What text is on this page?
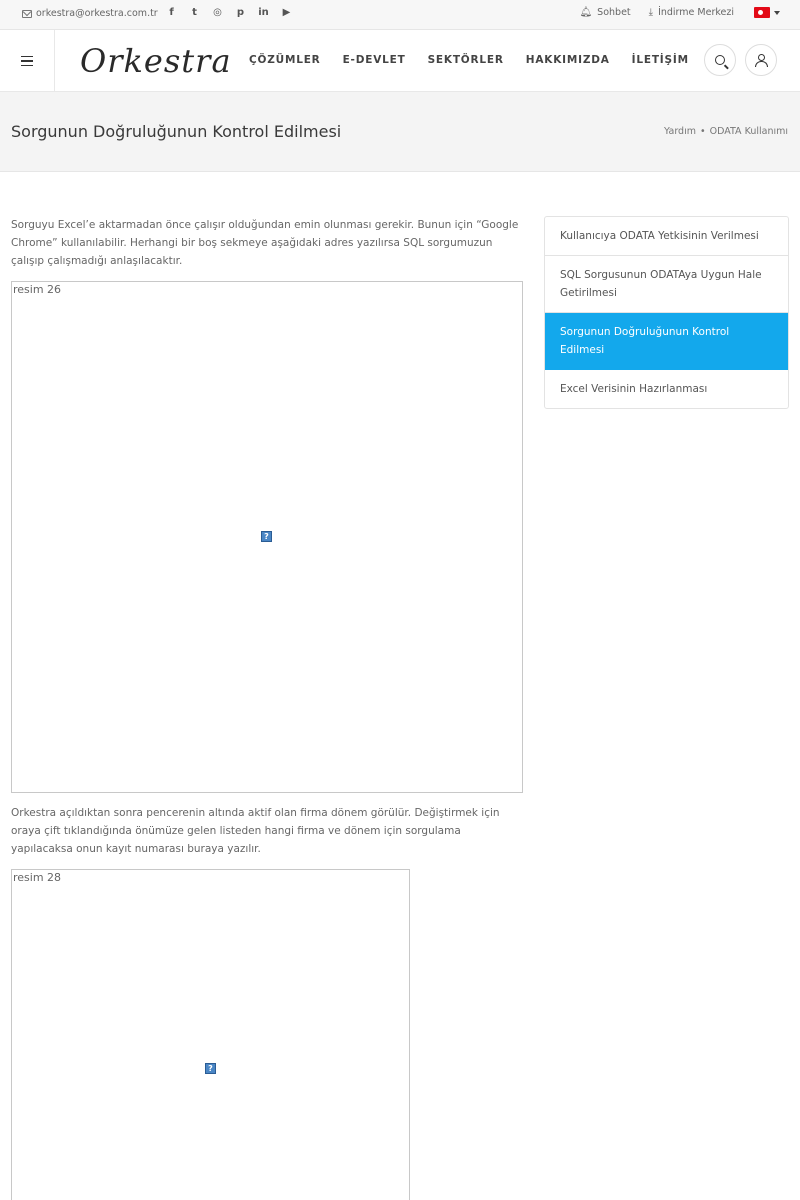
orkestra@orkestra.com.tr	f	t	◎	p	in	▶	🔔︎ Sohbet ⤓ İndirme Merkezi
Orkestra ÇÖZÜMLER E-DEVLET SEKTÖRLER HAKKIMIZDA İLETİŞİM
Sorgunun Doğruluğunun Kontrol Edilmesi	Yardım • ODATA Kullanımı

Sorguyu Excel’e aktarmadan önce çalışır olduğundan emin olunması gerekir. Bunun için “Google Chrome” kullanılabilir. Herhangi bir boş sekmeye aşağıdaki adres yazılırsa SQL sorgumuzun çalışıp çalışmadığı anlaşılacaktır.

resim 26
?

Orkestra açıldıktan sonra pencerenin altında aktif olan firma dönem görülür. Değiştirmek için oraya çift tıklandığında önümüze gelen listeden hangi firma ve dönem için sorgulama yapılacaksa onun kayıt numarası buraya yazılır.

resim 28
?
Kullanıcıya ODATA Yetkisinin Verilmesi
SQL Sorgusunun ODATAya Uygun Hale Getirilmesi
Sorgunun Doğruluğunun Kontrol Edilmesi
Excel Verisinin Hazırlanması
